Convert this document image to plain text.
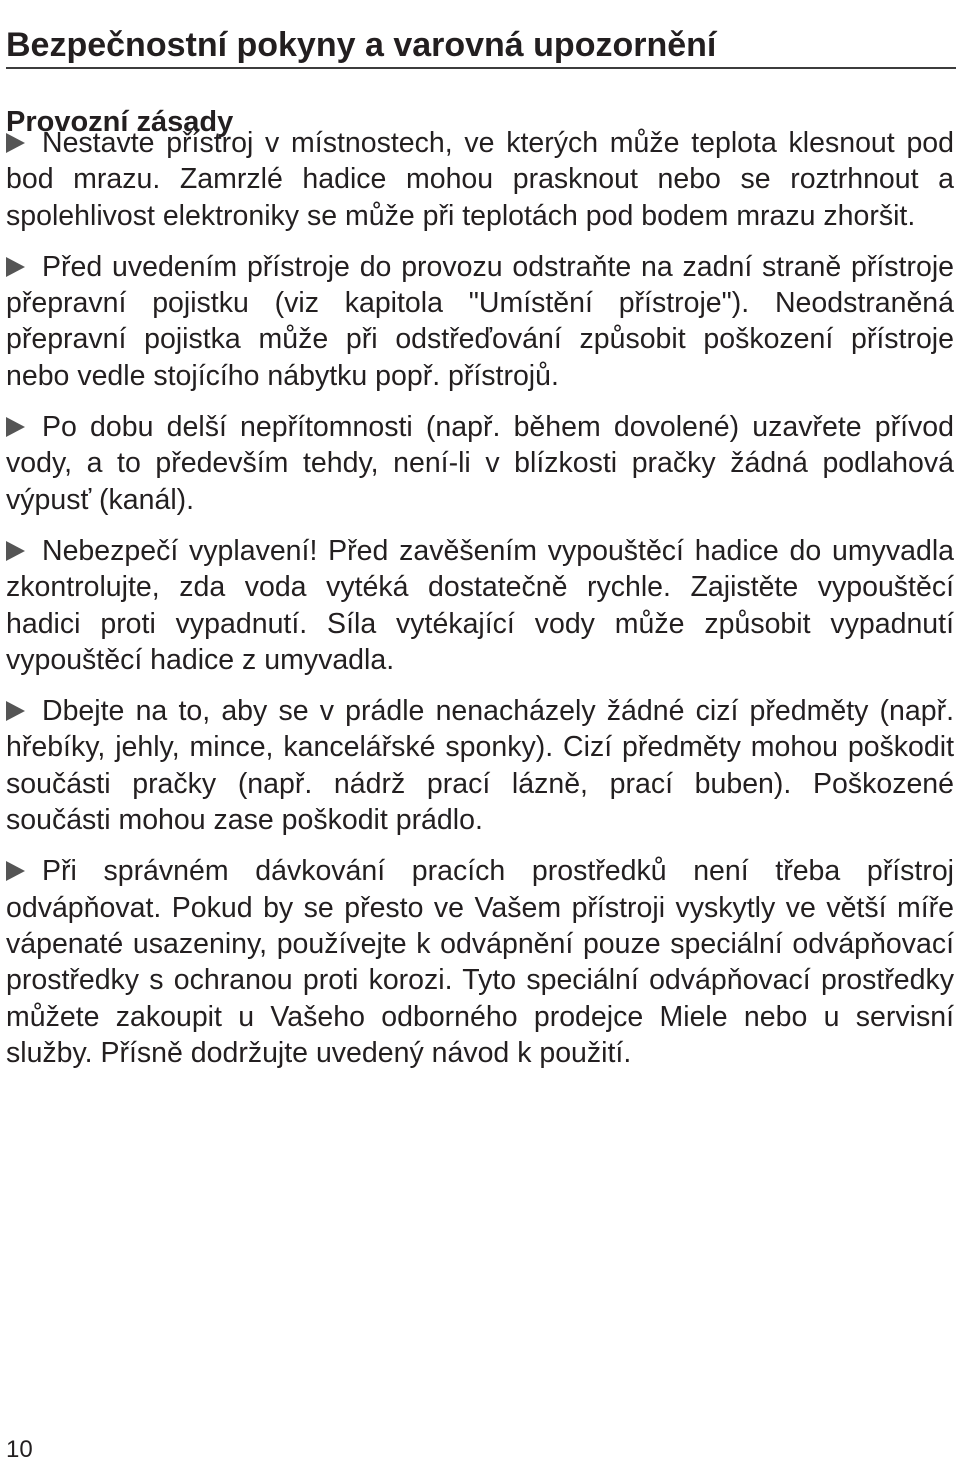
Bezpečnostní pokyny a varovná upozornění
Provozní zásady

Nestavte přístroj v místnostech, ve kterých může teplota klesnout pod bod mrazu. Zamrzlé hadice mohou prasknout nebo se roztrhnout a spolehlivost elektroniky se může při teplotách pod bodem mrazu zhoršit.

Před uvedením přístroje do provozu odstraňte na zadní straně přístroje přepravní pojistku (viz kapitola "Umístění přístroje"). Neodstraněná přepravní pojistka může při odstřeďování způsobit poškození přístroje nebo vedle stojícího nábytku popř. přístrojů.

Po dobu delší nepřítomnosti (např. během dovolené) uzavřete přívod vody, a to především tehdy, není-li v blízkosti pračky žádná podlahová výpusť (kanál).

Nebezpečí vyplavení! Před zavěšením vypouštěcí hadice do umyvadla zkontrolujte, zda voda vytéká dostatečně rychle. Zajistěte vypouštěcí hadici proti vypadnutí. Síla vytékající vody může způsobit vypadnutí vypouštěcí hadice z umyvadla.

Dbejte na to, aby se v prádle nenacházely žádné cizí předměty (např. hřebíky, jehly, mince, kancelářské sponky). Cizí předměty mohou poškodit součásti pračky (např. nádrž prací lázně, prací buben). Poškozené součásti mohou zase poškodit prádlo.

Při správném dávkování pracích prostředků není třeba přístroj odvápňovat. Pokud by se přesto ve Vašem přístroji vyskytly ve větší míře vápenaté usazeniny, používejte k odvápnění pouze speciální odvápňovací prostředky s ochranou proti korozi. Tyto speciální odvápňovací prostředky můžete zakoupit u Vašeho odborného prodejce Miele nebo u servisní služby. Přísně dodržujte uvedený návod k použití.

10
